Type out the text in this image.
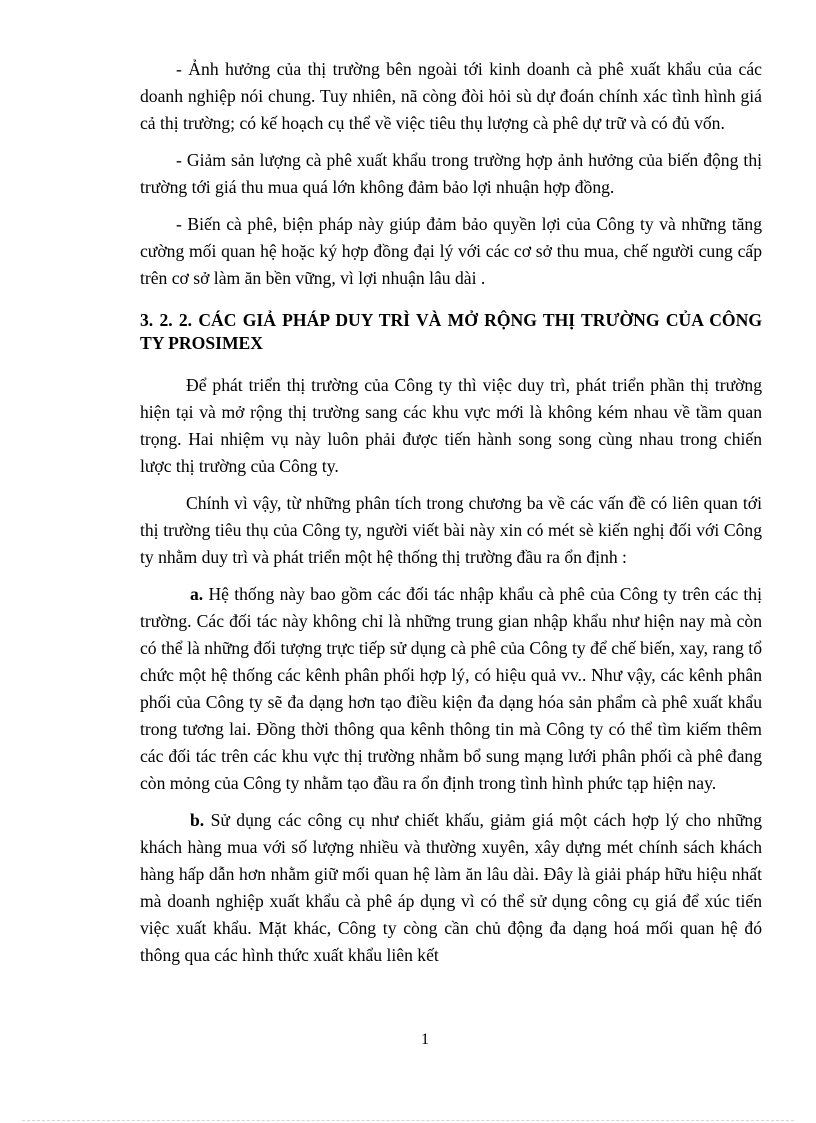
- Ảnh hưởng của thị trường bên ngoài tới kinh doanh cà phê xuất khẩu của các doanh nghiệp nói chung. Tuy nhiên, nã còng đòi hỏi sù dự đoán chính xác tình hình giá cả thị trường; có kế hoạch cụ thể về việc tiêu thụ lượng cà phê dự trữ và có đủ vốn.

- Giảm sản lượng cà phê xuất khẩu trong trường hợp ảnh hưởng của biến động thị trường tới giá thu mua quá lớn không đảm bảo lợi nhuận hợp đồng.

- Biến cà phê, biện pháp này giúp đảm bảo quyền lợi của Công ty và những tăng cường mối quan hệ hoặc ký hợp đồng đại lý với các cơ sở thu mua, chế người cung cấp trên cơ sở làm ăn bền vững, vì lợi nhuận lâu dài .

3. 2. 2. CÁC GIẢ PHÁP DUY TRÌ VÀ MỞ RỘNG THỊ TRƯỜNG CỦA CÔNG TY PROSIMEX

Để phát triển thị trường của Công ty thì việc duy trì, phát triển phần thị trường hiện tại và mở rộng thị trường sang các khu vực mới là không kém nhau về tầm quan trọng. Hai nhiệm vụ này luôn phải được tiến hành song song cùng nhau trong chiến lược thị trường của Công ty.

Chính vì vậy, từ những phân tích trong chương ba về các vấn đề có liên quan tới thị trường tiêu thụ của Công ty, người viết bài này xin có mét sè kiến nghị đối với Công ty nhằm duy trì và phát triển một hệ thống thị trường đầu ra ổn định :

a. Hệ thống này bao gồm các đối tác nhập khẩu cà phê của Công ty trên các thị trường. Các đối tác này không chỉ là những trung gian nhập khẩu như hiện nay mà còn có thể là những đối tượng trực tiếp sử dụng cà phê của Công ty để chế biến, xay, rang tổ chức một hệ thống các kênh phân phối hợp lý, có hiệu quả vv.. Như vậy, các kênh phân phối của Công ty sẽ đa dạng hơn tạo điều kiện đa dạng hóa sản phẩm cà phê xuất khẩu trong tương lai. Đồng thời thông qua kênh thông tin mà Công ty có thể tìm kiếm thêm các đối tác trên các khu vực thị trường nhằm bổ sung mạng lưới phân phối cà phê đang còn mỏng của Công ty nhằm tạo đầu ra ổn định trong tình hình phức tạp hiện nay.

b. Sử dụng các công cụ như chiết khấu, giảm giá một cách hợp lý cho những khách hàng mua với số lượng nhiều và thường xuyên, xây dựng mét chính sách khách hàng hấp dẫn hơn nhằm giữ mối quan hệ làm ăn lâu dài. Đây là giải pháp hữu hiệu nhất mà doanh nghiệp xuất khẩu cà phê áp dụng vì có thể sử dụng công cụ giá để xúc tiến việc xuất khẩu. Mặt khác, Công ty còng cần chủ động đa dạng hoá mối quan hệ đó thông qua các hình thức xuất khẩu liên kết

1
